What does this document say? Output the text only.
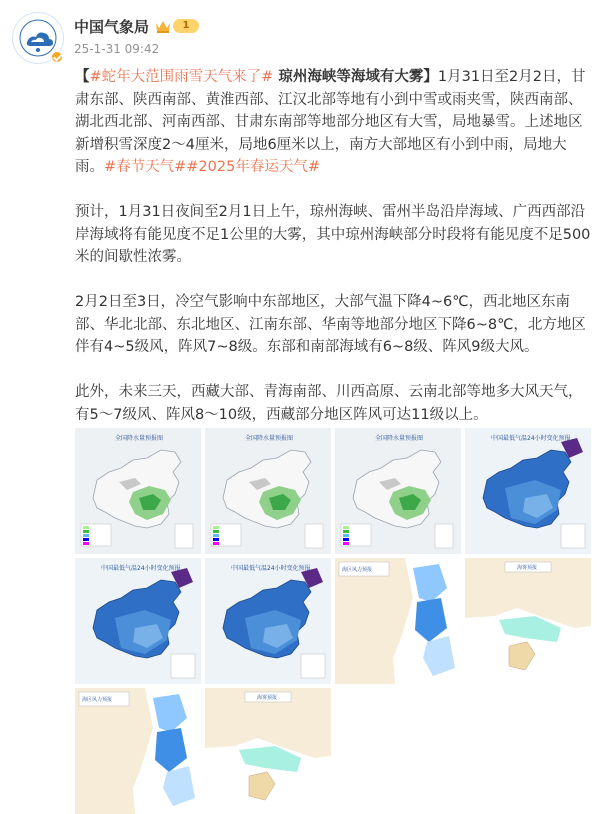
中国气象局	1
25-1-31 09:42

【#蛇年大范围雨雪天气来了# 琼州海峡等海域有大雾】1月31日至2月2日，甘肃东部、陕西南部、黄淮西部、江汉北部等地有小到中雪或雨夹雪，陕西南部、湖北西北部、河南西部、甘肃东南部等地部分地区有大雪，局地暴雪。上述地区新增积雪深度2～4厘米，局地6厘米以上，南方大部地区有小到中雨，局地大雨。#春节天气##2025年春运天气#

预计，1月31日夜间至2月1日上午，琼州海峡、雷州半岛沿岸海域、广西西部沿岸海域将有能见度不足1公里的大雾，其中琼州海峡部分时段将有能见度不足500米的间歇性浓雾。

2月2日至3日，冷空气影响中东部地区，大部气温下降4~6℃，西北地区东南部、华北北部、东北地区、江南东部、华南等地部分地区下降6~8℃，北方地区伴有4~5级风，阵风7~8级。东部和南部海域有6~8级、阵风9级大风。

此外，未来三天，西藏大部、青海南部、川西高原、云南北部等地多大风天气，有5～7级风、阵风8～10级，西藏部分地区阵风可达11级以上。

全国降水量预报图	全国降水量预报图	全国降水量预报图	中国最低气温24小时变化预报
中国最低气温24小时变化预报	中国最低气温24小时变化预报	海区风力预报	海雾预报
海区风力预报	海雾预报
